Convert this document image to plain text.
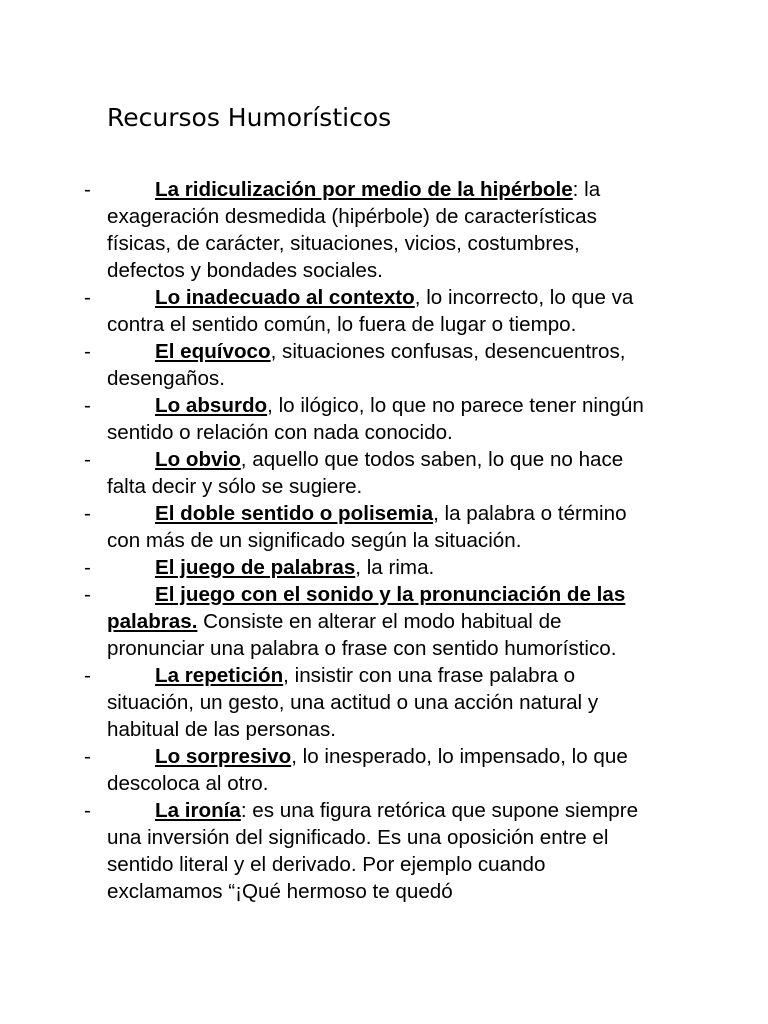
Recursos Humorísticos
-	La ridiculización por medio de la hipérbole: la exageración desmedida (hipérbole) de características físicas, de carácter, situaciones, vicios, costumbres, defectos y bondades sociales.
-	Lo inadecuado al contexto, lo incorrecto, lo que va contra el sentido común, lo fuera de lugar o tiempo.
-	El equívoco, situaciones confusas, desencuentros, desengaños.
-	Lo absurdo, lo ilógico, lo que no parece tener ningún sentido o relación con nada conocido.
-	Lo obvio, aquello que todos saben, lo que no hace falta decir y sólo se sugiere.
-	El doble sentido o polisemia, la palabra o término con más de un significado según la situación.
-	El juego de palabras, la rima.
-	El juego con el sonido y la pronunciación de las palabras. Consiste en alterar el modo habitual de pronunciar una palabra o frase con sentido humorístico.
-	La repetición, insistir con una frase palabra o situación, un gesto, una actitud o una acción natural y habitual de las personas.
-	Lo sorpresivo, lo inesperado, lo impensado, lo que descoloca al otro.
-	La ironía: es una figura retórica que supone siempre una inversión del significado. Es una oposición entre el sentido literal y el derivado. Por ejemplo cuando exclamamos “¡Qué hermoso te quedó
